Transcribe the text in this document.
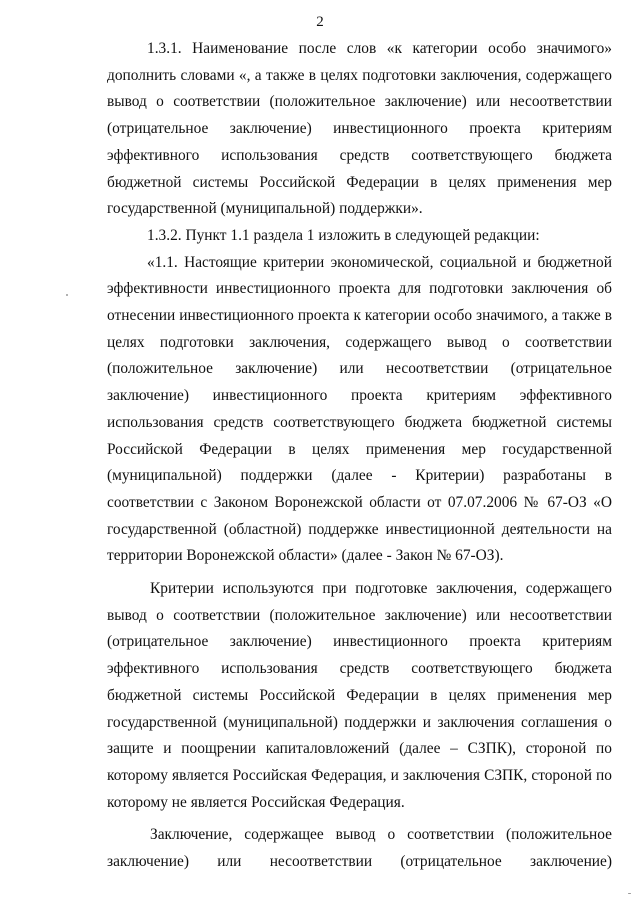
2

1.3.1. Наименование после слов «к категории особо значимого» дополнить словами «, а также в целях подготовки заключения, содержащего вывод о соответствии (положительное заключение) или несоответствии (отрицательное заключение) инвестиционного проекта критериям эффективного использования средств соответствующего бюджета бюджетной системы Российской Федерации в целях применения мер государственной (муниципальной) поддержки».

1.3.2. Пункт 1.1 раздела 1 изложить в следующей редакции:

«1.1. Настоящие критерии экономической, социальной и бюджетной эффективности инвестиционного проекта для подготовки заключения об отнесении инвестиционного проекта к категории особо значимого, а также в целях подготовки заключения, содержащего вывод о соответствии (положительное заключение) или несоответствии (отрицательное заключение) инвестиционного проекта критериям эффективного использования средств соответствующего бюджета бюджетной системы Российской Федерации в целях применения мер государственной (муниципальной) поддержки (далее - Критерии) разработаны в соответствии с Законом Воронежской области от 07.07.2006 № 67-ОЗ «О государственной (областной) поддержке инвестиционной деятельности на территории Воронежской области» (далее - Закон № 67-ОЗ).

Критерии используются при подготовке заключения, содержащего вывод о соответствии (положительное заключение) или несоответствии (отрицательное заключение) инвестиционного проекта критериям эффективного использования средств соответствующего бюджета бюджетной системы Российской Федерации в целях применения мер государственной (муниципальной) поддержки и заключения соглашения о защите и поощрении капиталовложений (далее – СЗПК), стороной по которому является Российская Федерация, и заключения СЗПК, стороной по которому не является Российская Федерация.

Заключение, содержащее вывод о соответствии (положительное заключение) или несоответствии (отрицательное заключение)
